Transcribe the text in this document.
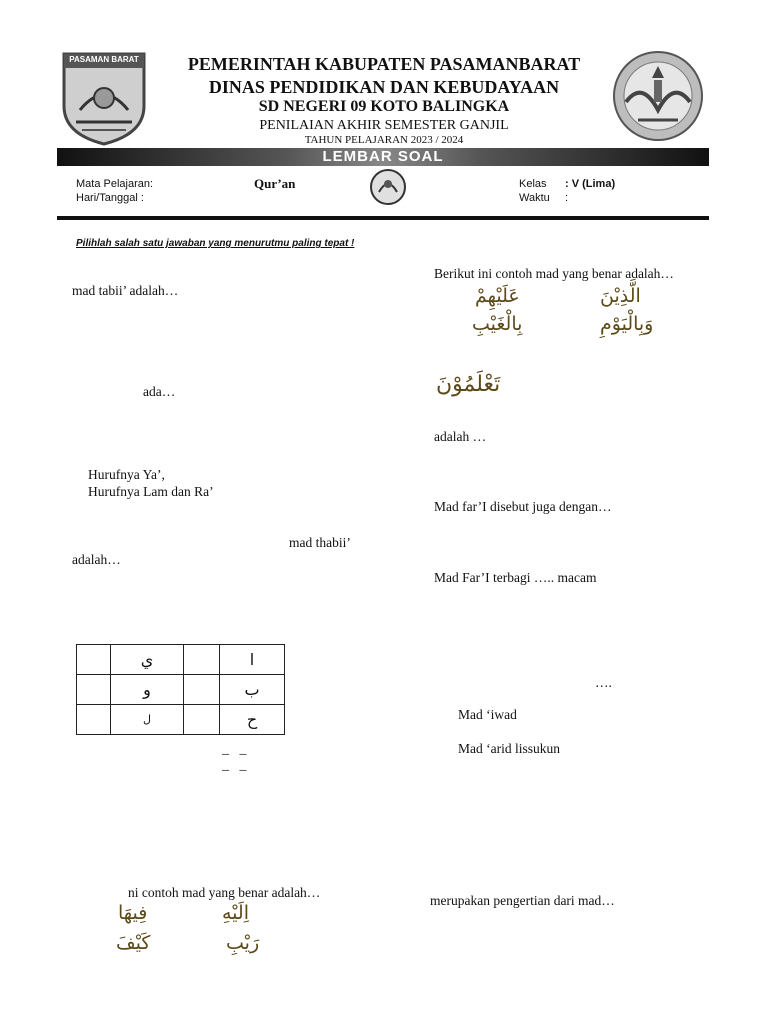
PASAMAN BARAT	PEMERINTAH KABUPATEN PASAMANBARAT
DINAS PENDIDIKAN DAN KEBUDAYAAN
SD NEGERI 09 KOTO BALINGKA
PENILAIAN AKHIR SEMESTER GANJIL
TAHUN PELAJARAN 2023 / 2024
LEMBAR SOAL
Mata Pelajaran:	Qur’an
Hari/Tanggal :
Kelas : V (Lima)
Waktu :
Pilihlah salah satu jawaban yang menurutmu paling tepat !
mad tabii’ adalah…
ada…
Hurufnya Ya’,
Hurufnya Lam dan Ra’
mad thabii’
adalah…
	ي		ا
	و		ب
	ل		ح
_   _
_   _
ni contoh mad yang benar adalah…
فِيهَا	اِلَيْهِ
كَيْفَ	رَيْبِ
Berikut ini contoh mad yang benar adalah…
عَلَيْهِمْ	الَّذِيْنَ
بِالْغَيْبِ	وَبِالْيَوْمِ
تَعْلَمُوْنَ
adalah …
Mad far’I disebut juga dengan…
Mad Far’I terbagi ….. macam
….
Mad ‘iwad
Mad ‘arid lissukun
merupakan pengertian dari mad…
